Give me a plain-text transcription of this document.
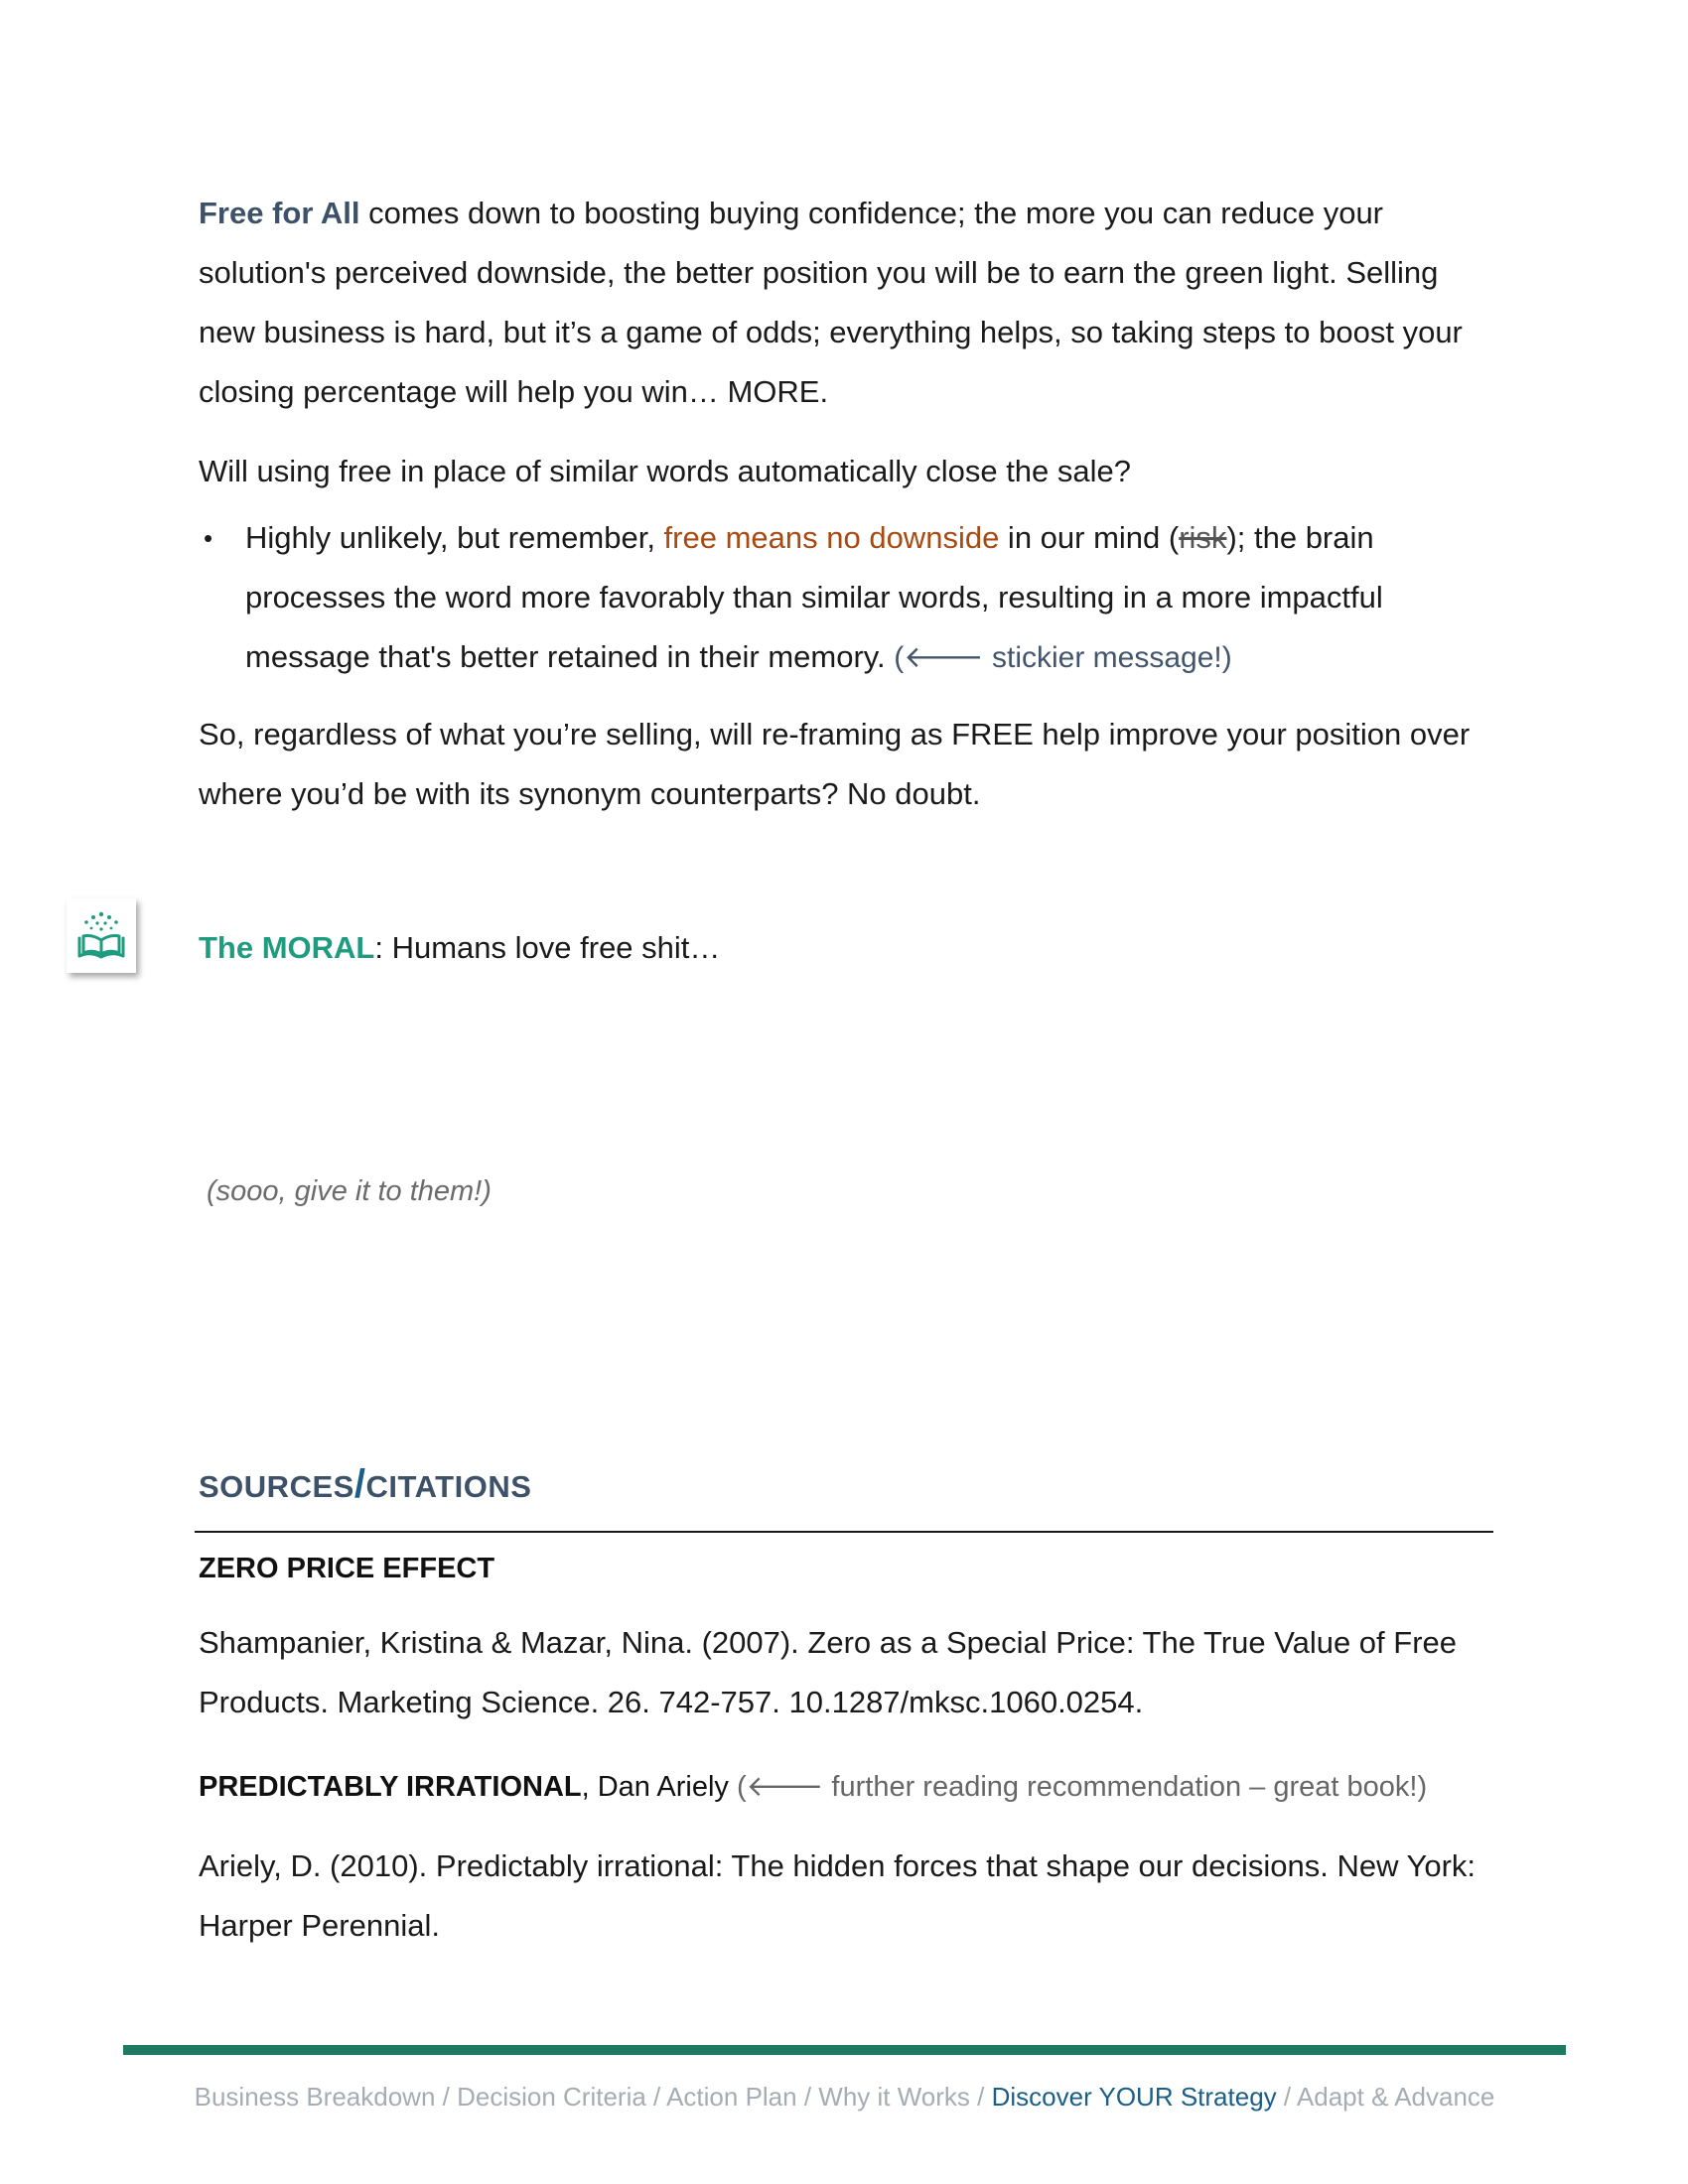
Free for All comes down to boosting buying confidence; the more you can reduce your solution's perceived downside, the better position you will be to earn the green light. Selling new business is hard, but it’s a game of odds; everything helps, so taking steps to boost your closing percentage will help you win… MORE.

Will using free in place of similar words automatically close the sale?

• Highly unlikely, but remember, free means no downside in our mind (risk); the brain processes the word more favorably than similar words, resulting in a more impactful message that's better retained in their memory. (🡐 stickier message!)

So, regardless of what you’re selling, will re-framing as FREE help improve your position over where you’d be with its synonym counterparts? No doubt.

The MORAL: Humans love free shit…
(sooo, give it to them!)
SOURCES/CITATIONS
ZERO PRICE EFFECT

Shampanier, Kristina & Mazar, Nina. (2007). Zero as a Special Price: The True Value of Free Products. Marketing Science. 26. 742-757. 10.1287/mksc.1060.0254.

PREDICTABLY IRRATIONAL, Dan Ariely (🡐 further reading recommendation – great book!)

Ariely, D. (2010). Predictably irrational: The hidden forces that shape our decisions. New York: Harper Perennial.

Business Breakdown / Decision Criteria / Action Plan / Why it Works / Discover YOUR Strategy / Adapt & Advance
